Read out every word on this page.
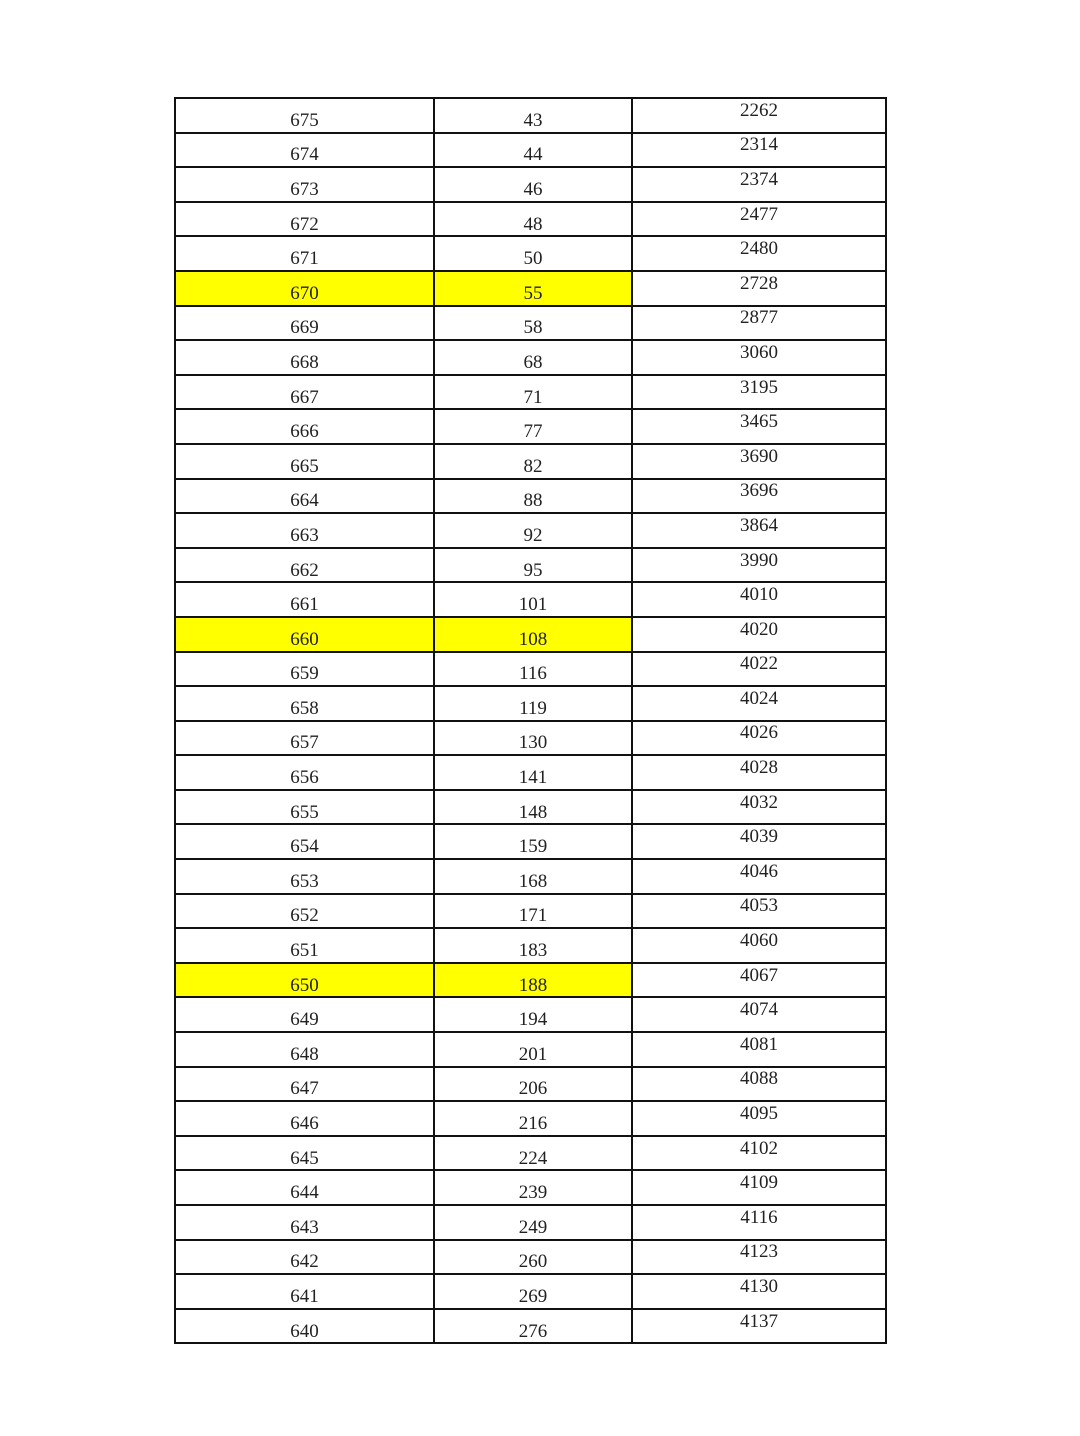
675	43	2262

674	44	2314

673	46	2374

672	48	2477

671	50	2480

670	55	2728

669	58	2877

668	68	3060

667	71	3195

666	77	3465

665	82	3690

664	88	3696

663	92	3864

662	95	3990

661	101	4010

660	108	4020

659	116	4022

658	119	4024

657	130	4026

656	141	4028

655	148	4032

654	159	4039

653	168	4046

652	171	4053

651	183	4060

650	188	4067

649	194	4074

648	201	4081

647	206	4088

646	216	4095

645	224	4102

644	239	4109

643	249	4116

642	260	4123

641	269	4130

640	276	4137
